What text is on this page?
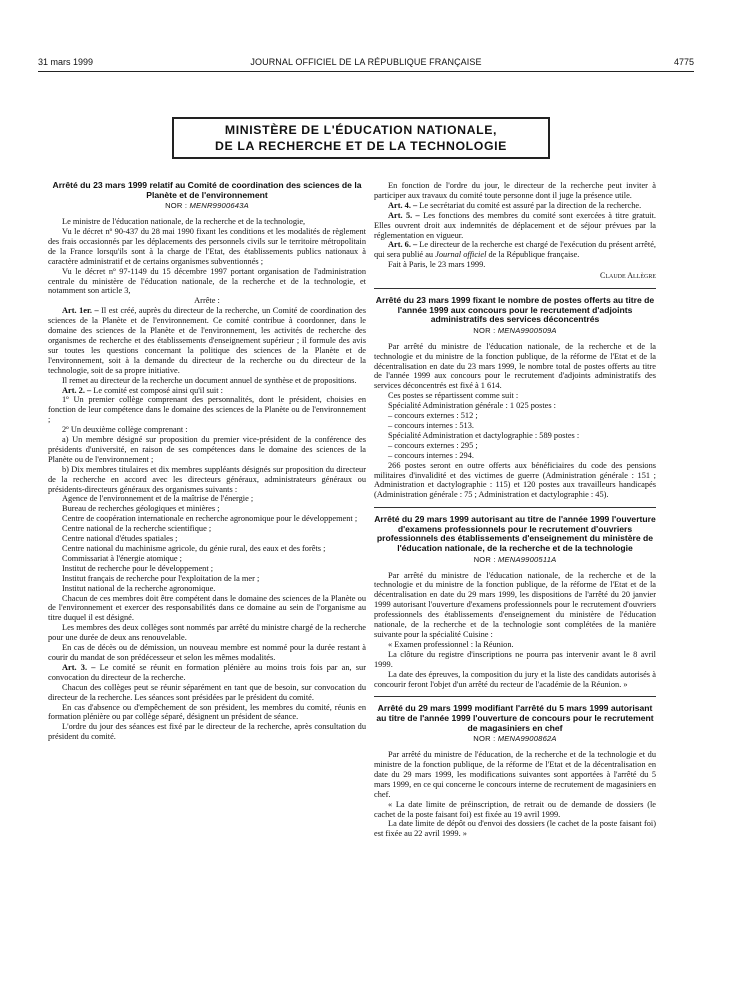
31 mars 1999	JOURNAL OFFICIEL DE LA RÉPUBLIQUE FRANÇAISE	4775
MINISTÈRE DE L'ÉDUCATION NATIONALE,
DE LA RECHERCHE ET DE LA TECHNOLOGIE
Arrêté du 23 mars 1999 relatif au Comité de coordination des sciences de la Planète et de l'environnement
NOR : MENR9900643A

Le ministre de l'éducation nationale, de la recherche et de la technologie,

Vu le décret nº 90-437 du 28 mai 1990 fixant les conditions et les modalités de règlement des frais occasionnés par les déplacements des personnels civils sur le territoire métropolitain de la France lorsqu'ils sont à la charge de l'Etat, des établissements publics nationaux à caractère administratif et de certains organismes subventionnés ;

Vu le décret nº 97-1149 du 15 décembre 1997 portant organisation de l'administration centrale du ministère de l'éducation nationale, de la recherche et de la technologie, et notamment son article 3,

Arrête :

Art. 1er. – Il est créé, auprès du directeur de la recherche, un Comité de coordination des sciences de la Planète et de l'environnement. Ce comité contribue à coordonner, dans le domaine des sciences de la Planète et de l'environnement, les activités de recherche des organismes de recherche et des établissements d'enseignement supérieur ; il formule des avis sur toutes les questions concernant la politique des sciences de la Planète et de l'environnement, soit à la demande du directeur de la recherche ou du directeur de la technologie, soit de sa propre initiative.

Il remet au directeur de la recherche un document annuel de synthèse et de propositions.

Art. 2. – Le comité est composé ainsi qu'il suit :

1º Un premier collège comprenant des personnalités, dont le président, choisies en fonction de leur compétence dans le domaine des sciences de la Planète ou de l'environnement ;

2º Un deuxième collège comprenant :

a) Un membre désigné sur proposition du premier vice-président de la conférence des présidents d'université, en raison de ses compétences dans le domaine des sciences de la Planète ou de l'environnement ;

b) Dix membres titulaires et dix membres suppléants désignés sur proposition du directeur de la recherche en accord avec les directeurs généraux, administrateurs généraux ou présidents-directeurs généraux des organismes suivants :

Agence de l'environnement et de la maîtrise de l'énergie ;

Bureau de recherches géologiques et minières ;

Centre de coopération internationale en recherche agronomique pour le développement ;

Centre national de la recherche scientifique ;

Centre national d'études spatiales ;

Centre national du machinisme agricole, du génie rural, des eaux et des forêts ;

Commissariat à l'énergie atomique ;

Institut de recherche pour le développement ;

Institut français de recherche pour l'exploitation de la mer ;

Institut national de la recherche agronomique.

Chacun de ces membres doit être compétent dans le domaine des sciences de la Planète ou de l'environnement et exercer des responsabilités dans ce domaine au sein de l'organisme au titre duquel il est désigné.

Les membres des deux collèges sont nommés par arrêté du ministre chargé de la recherche pour une durée de deux ans renouvelable.

En cas de décès ou de démission, un nouveau membre est nommé pour la durée restant à courir du mandat de son prédécesseur et selon les mêmes modalités.

Art. 3. – Le comité se réunit en formation plénière au moins trois fois par an, sur convocation du directeur de la recherche.

Chacun des collèges peut se réunir séparément en tant que de besoin, sur convocation du directeur de la recherche. Les séances sont présidées par le président du comité.

En cas d'absence ou d'empêchement de son président, les membres du comité, réunis en formation plénière ou par collège séparé, désignent un président de séance.

L'ordre du jour des séances est fixé par le directeur de la recherche, après consultation du président du comité.

En fonction de l'ordre du jour, le directeur de la recherche peut inviter à participer aux travaux du comité toute personne dont il juge la présence utile.

Art. 4. – Le secrétariat du comité est assuré par la direction de la recherche.

Art. 5. – Les fonctions des membres du comité sont exercées à titre gratuit. Elles ouvrent droit aux indemnités de déplacement et de séjour prévues par la réglementation en vigueur.

Art. 6. – Le directeur de la recherche est chargé de l'exécution du présent arrêté, qui sera publié au Journal officiel de la République française.

Fait à Paris, le 23 mars 1999.

Claude Allègre

Arrêté du 23 mars 1999 fixant le nombre de postes offerts au titre de l'année 1999 aux concours pour le recrutement d'adjoints administratifs des services déconcentrés
NOR : MENA9900509A

Par arrêté du ministre de l'éducation nationale, de la recherche et de la technologie et du ministre de la fonction publique, de la réforme de l'Etat et de la décentralisation en date du 23 mars 1999, le nombre total de postes offerts au titre de l'année 1999 aux concours pour le recrutement d'adjoints administratifs des services déconcentrés est fixé à 1 614.

Ces postes se répartissent comme suit :

Spécialité Administration générale : 1 025 postes :

– concours externes : 512 ;

– concours internes : 513.

Spécialité Administration et dactylographie : 589 postes :

– concours externes : 295 ;

– concours internes : 294.

266 postes seront en outre offerts aux bénéficiaires du code des pensions militaires d'invalidité et des victimes de guerre (Administration générale : 151 ; Administration et dactylographie : 115) et 120 postes aux travailleurs handicapés (Administration générale : 75 ; Administration et dactylographie : 45).

Arrêté du 29 mars 1999 autorisant au titre de l'année 1999 l'ouverture d'examens professionnels pour le recrutement d'ouvriers professionnels des établissements d'enseignement du ministère de l'éducation nationale, de la recherche et de la technologie
NOR : MENA9900511A

Par arrêté du ministre de l'éducation nationale, de la recherche et de la technologie et du ministre de la fonction publique, de la réforme de l'Etat et de la décentralisation en date du 29 mars 1999, les dispositions de l'arrêté du 20 janvier 1999 autorisant l'ouverture d'examens professionnels pour le recrutement d'ouvriers professionnels des établissements d'enseignement du ministère de l'éducation nationale, de la recherche et de la technologie sont complétées de la manière suivante pour la spécialité Cuisine :

« Examen professionnel : la Réunion.

La clôture du registre d'inscriptions ne pourra pas intervenir avant le 8 avril 1999.

La date des épreuves, la composition du jury et la liste des candidats autorisés à concourir feront l'objet d'un arrêté du recteur de l'académie de la Réunion. »

Arrêté du 29 mars 1999 modifiant l'arrêté du 5 mars 1999 autorisant au titre de l'année 1999 l'ouverture de concours pour le recrutement de magasiniers en chef
NOR : MENA9900862A

Par arrêté du ministre de l'éducation, de la recherche et de la technologie et du ministre de la fonction publique, de la réforme de l'Etat et de la décentralisation en date du 29 mars 1999, les modifications suivantes sont apportées à l'arrêté du 5 mars 1999, en ce qui concerne le concours interne de recrutement de magasiniers en chef.

« La date limite de préinscription, de retrait ou de demande de dossiers (le cachet de la poste faisant foi) est fixée au 19 avril 1999.

La date limite de dépôt ou d'envoi des dossiers (le cachet de la poste faisant foi) est fixée au 22 avril 1999. »
